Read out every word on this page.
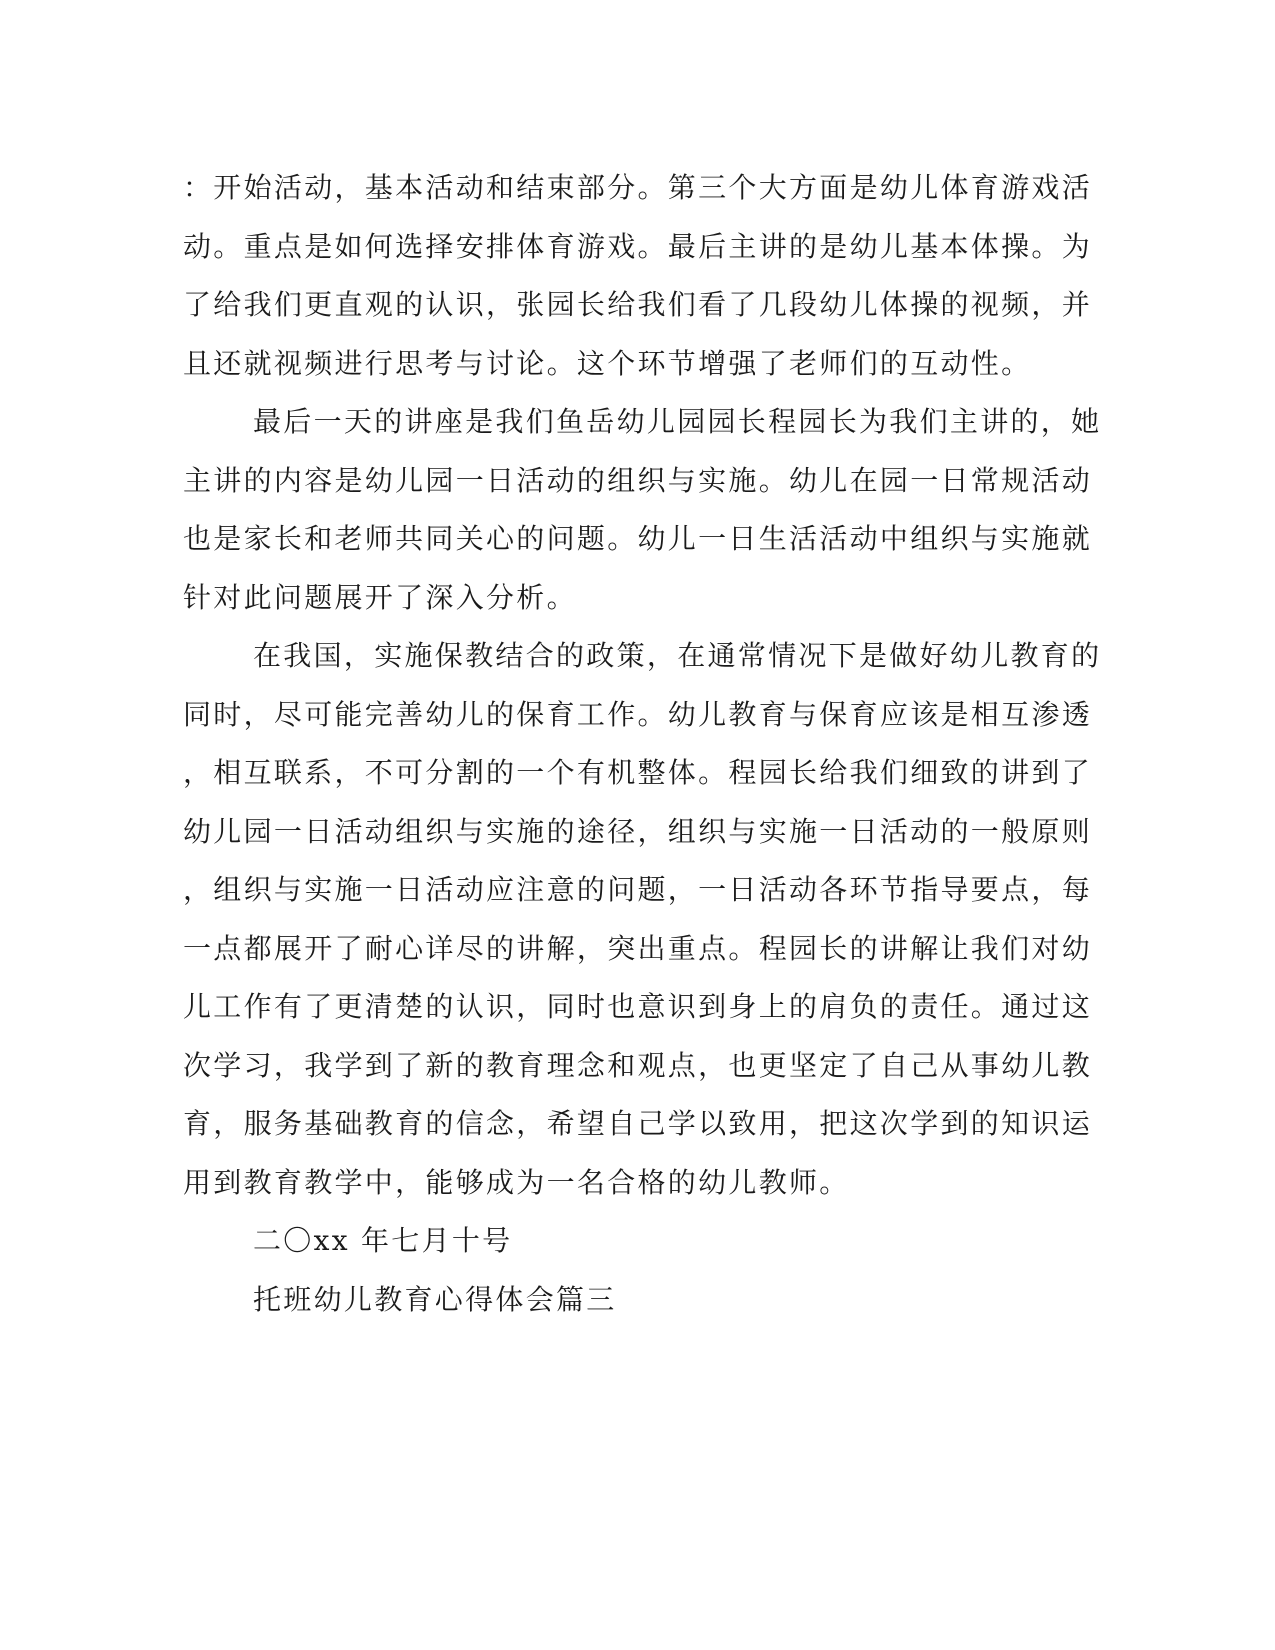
：开始活动，基本活动和结束部分。第三个大方面是幼儿体育游戏活
动。重点是如何选择安排体育游戏。最后主讲的是幼儿基本体操。为
了给我们更直观的认识，张园长给我们看了几段幼儿体操的视频，并
且还就视频进行思考与讨论。这个环节增强了老师们的互动性。
最后一天的讲座是我们鱼岳幼儿园园长程园长为我们主讲的，她
主讲的内容是幼儿园一日活动的组织与实施。幼儿在园一日常规活动
也是家长和老师共同关心的问题。幼儿一日生活活动中组织与实施就
针对此问题展开了深入分析。
在我国，实施保教结合的政策，在通常情况下是做好幼儿教育的
同时，尽可能完善幼儿的保育工作。幼儿教育与保育应该是相互渗透
，相互联系，不可分割的一个有机整体。程园长给我们细致的讲到了
幼儿园一日活动组织与实施的途径，组织与实施一日活动的一般原则
，组织与实施一日活动应注意的问题，一日活动各环节指导要点，每
一点都展开了耐心详尽的讲解，突出重点。程园长的讲解让我们对幼
儿工作有了更清楚的认识，同时也意识到身上的肩负的责任。通过这
次学习，我学到了新的教育理念和观点，也更坚定了自己从事幼儿教
育，服务基础教育的信念，希望自己学以致用，把这次学到的知识运
用到教育教学中，能够成为一名合格的幼儿教师。
二〇xx 年七月十号
托班幼儿教育心得体会篇三
